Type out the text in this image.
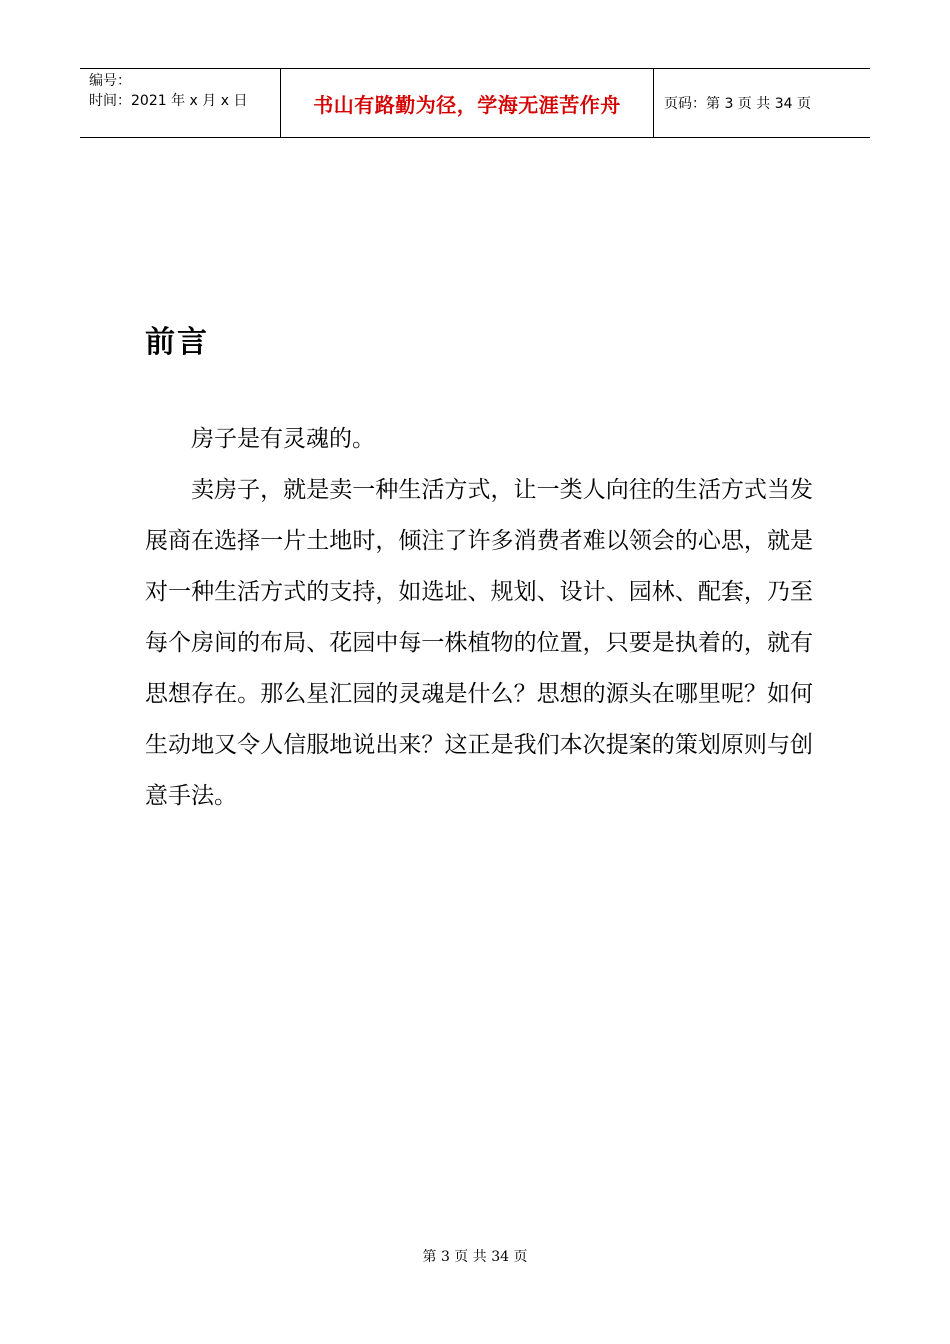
编号：
时间：2021 年 x 月 x 日	书山有路勤为径，学海无涯苦作舟	页码：第 3 页 共 34 页
前言

房子是有灵魂的。

卖房子，就是卖一种生活方式，让一类人向往的生活方式当发展商在选择一片土地时，倾注了许多消费者难以领会的心思，就是对一种生活方式的支持，如选址、规划、设计、园林、配套，乃至每个房间的布局、花园中每一株植物的位置，只要是执着的，就有思想存在。那么星汇园的灵魂是什么？思想的源头在哪里呢？如何生动地又令人信服地说出来？这正是我们本次提案的策划原则与创意手法。

第 3 页 共 34 页
